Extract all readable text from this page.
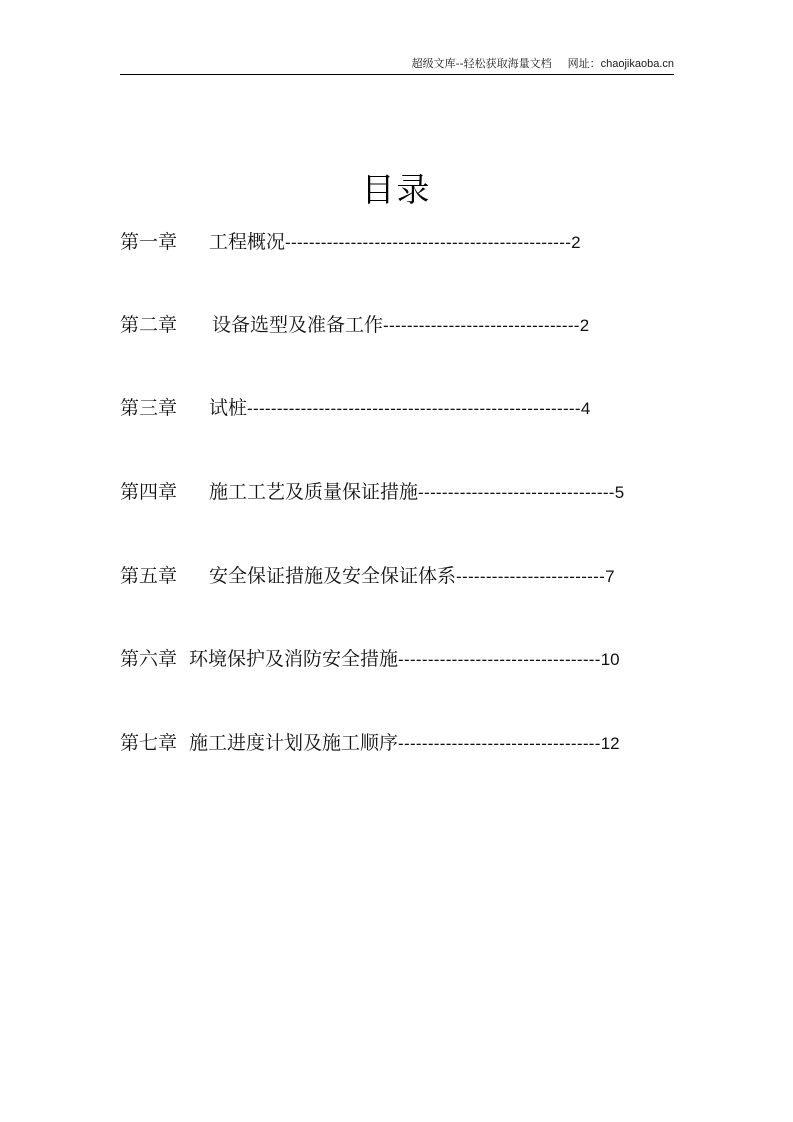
超级文库--轻松获取海量文档 网址：chaojikaoba.cn
目录
第一章 工程概况------------------------------------------------2
第二章 设备选型及准备工作---------------------------------2
第三章 试桩--------------------------------------------------------4
第四章 施工工艺及质量保证措施---------------------------------5
第五章 安全保证措施及安全保证体系-------------------------7
第六章 环境保护及消防安全措施----------------------------------10
第七章 施工进度计划及施工顺序----------------------------------12
